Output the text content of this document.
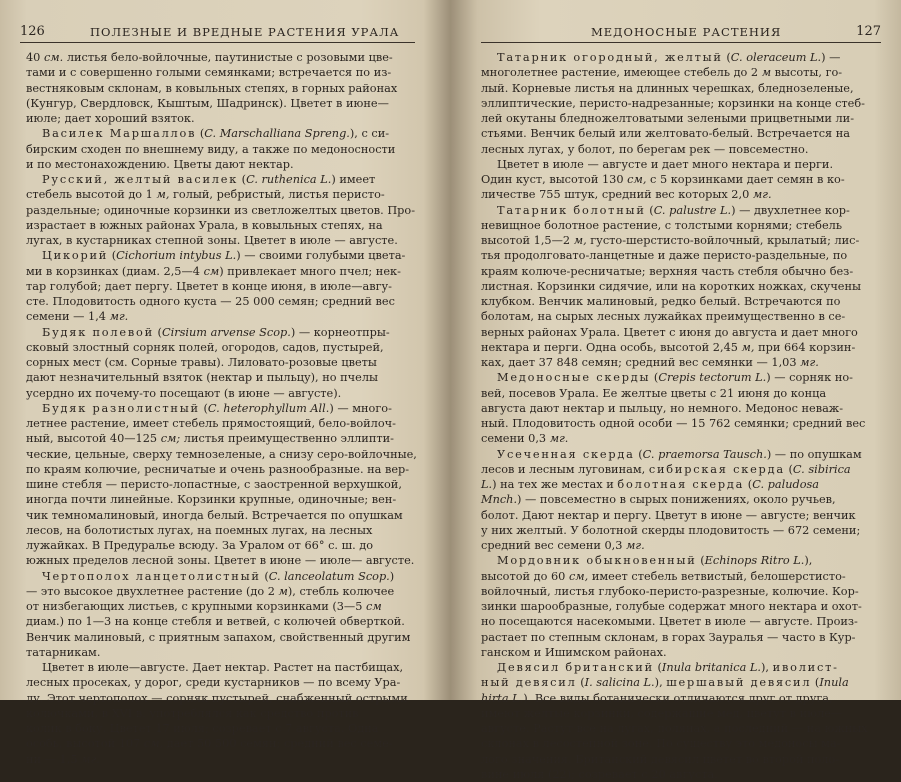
126	ПОЛЕЗНЫЕ И ВРЕДНЫЕ РАСТЕНИЯ УРАЛА
40 см. листья бело-войлочные, паутинистые с розовыми цве-
тами и с совершенно голыми семянками; встречается по из-
вестняковым склонам, в ковыльных степях, в горных районах
(Кунгур, Свердловск, Кыштым, Шадринск). Цветет в июне—
июле; дает хороший взяток.
Василек Маршаллов (C. Marschalliana Spreng.), с си-
бирским сходен по внешнему виду, а также по медоносности
и по местонахождению. Цветы дают нектар.
Русский, желтый василек (C. ruthenica L.) имеет
стебель высотой до 1 м, голый, ребристый, листья перисто-
раздельные; одиночные корзинки из светложелтых цветов. Про-
израстает в южных районах Урала, в ковыльных степях, на
лугах, в кустарниках степной зоны. Цветет в июле — августе.
Цикорий (Cichorium intybus L.) — своими голубыми цвета-
ми в корзинках (диам. 2,5—4 см) привлекает много пчел; нек-
тар голубой; дает пергу. Цветет в конце июня, в июле—авгу-
сте. Плодовитость одного куста — 25 000 семян; средний вес
семени — 1,4 мг.
Будяк полевой (Cirsium arvense Scop.) — корнеотпры-
сковый злостный сорняк полей, огородов, садов, пустырей,
сорных мест (см. Сорные травы). Лиловато-розовые цветы
дают незначительный взяток (нектар и пыльцу), но пчелы
усердно их почему-то посещают (в июне — августе).
Будяк разнолистный (C. heterophyllum All.) — много-
летнее растение, имеет стебель прямостоящий, бело-войлоч-
ный, высотой 40—125 см; листья преимущественно эллипти-
ческие, цельные, сверху темнозеленые, а снизу серо-войлочные,
по краям колючие, ресничатые и очень разнообразные. на вер-
шине стебля — перисто-лопастные, с заостренной верхушкой,
иногда почти линейные. Корзинки крупные, одиночные; вен-
чик темномалиновый, иногда белый. Встречается по опушкам
лесов, на болотистых лугах, на поемных лугах, на лесных
лужайках. В Предуралье всюду. За Уралом от 66° с. ш. до
южных пределов лесной зоны. Цветет в июне — июле— августе.
Чертополох ланцетолистный (C. lanceolatum Scop.)
— это высокое двухлетнее растение (до 2 м), стебль колючее
от низбегающих листьев, с крупными корзинками (3—5 см
диам.) по 1—3 на конце стебля и ветвей, с колючей обверткой.
Венчик малиновый, с приятным запахом, свойственный другим
татарникам.
Цветет в июле—августе. Дает нектар. Растет на пастбищах,
лесных просеках, у дорог, среди кустарников — по всему Ура-
лу. Этот чертополох — сорняк пустырей, снабженный острыми
колючками, в XVI в. употреблялся как средство против
колик в боку. Цветет 17 июля; созревает с 7 августа. Одна
особь, высотой 107 см, дает 50 500 семян; средний вес семе-
ни — 1,5 мг.
МЕДОНОСНЫЕ РАСТЕНИЯ	127
Татарник огородный, желтый (C. oleraceum L.) —
многолетнее растение, имеющее стебель до 2 м высоты, го-
лый. Корневые листья на длинных черешках, бледнозеленые,
эллиптические, перисто-надрезанные; корзинки на конце стеб-
лей окутаны бледножелтоватыми зелеными прицветными ли-
стьями. Венчик белый или желтовато-белый. Встречается на
лесных лугах, у болот, по берегам рек — повсеместно.
Цветет в июле — августе и дает много нектара и перги.
Один куст, высотой 130 см, с 5 корзинками дает семян в ко-
личестве 755 штук, средний вес которых 2,0 мг.
Татарник болотный (C. palustre L.) — двухлетнее кор-
невищное болотное растение, с толстыми корнями; стебель
высотой 1,5—2 м, густо-шерстисто-войлочный, крылатый; лис-
тья продолговато-ланцетные и даже перисто-раздельные, по
краям колюче-ресничатые; верхняя часть стебля обычно без-
листная. Корзинки сидячие, или на коротких ножках, скучены
клубком. Венчик малиновый, редко белый. Встречаются по
болотам, на сырых лесных лужайках преимущественно в се-
верных районах Урала. Цветет с июня до августа и дает много
нектара и перги. Одна особь, высотой 2,45 м, при 664 корзин-
ках, дает 37 848 семян; средний вес семянки — 1,03 мг.
Медоносные скерды (Crepis tectorum L.) — сорняк но-
вей, посевов Урала. Ее желтые цветы с 21 июня до конца
августа дают нектар и пыльцу, но немного. Медонос невaж-
ный. Плодовитость одной особи — 15 762 семянки; средний вес
семени 0,3 мг.
Усеченная скерда (C. praemorsa Tausch.) — по опушкам
лесов и лесным луговинам, сибирская скерда (C. sibirica
L.) на тех же местах и болотная скерда (C. paludosa
Mnch.) — повсеместно в сырых понижениях, около ручьев,
болот. Дают нектар и пергу. Цветут в июне — августе; венчик
у них желтый. У болотной скерды плодовитость — 672 семени;
средний вес семени 0,3 мг.
Мордовник обыкновенный (Echinops Ritro L.),
высотой до 60 см, имеет стебель ветвистый, белошерстисто-
войлочный, листья глубоко-перисто-разрезные, колючие. Кор-
зинки шарообразные, голубые содержат много нектара и охот-
но посещаются насекомыми. Цветет в июле — августе. Произ-
растает по степным склонам, в горах Зауралья — часто в Кур-
ганском и Ишимском районах.
Девясил британский (Inula britanica L.), иволист-
ный девясил (I. salicina L.), шершавый девясил (Inula
hirta L.). Все виды ботанически отличаются друг от друга,
имеют желтые корзинки, содержащие мед, цветут в июле—
августе. Растут все на лугах, полянах, а последний — на южных
склонах в лесостепной зоне. По существу это медоносы ма-
лого значения. Британский девясил цветет во второй поло-
вине июля (22); созревает с 20 августа.
